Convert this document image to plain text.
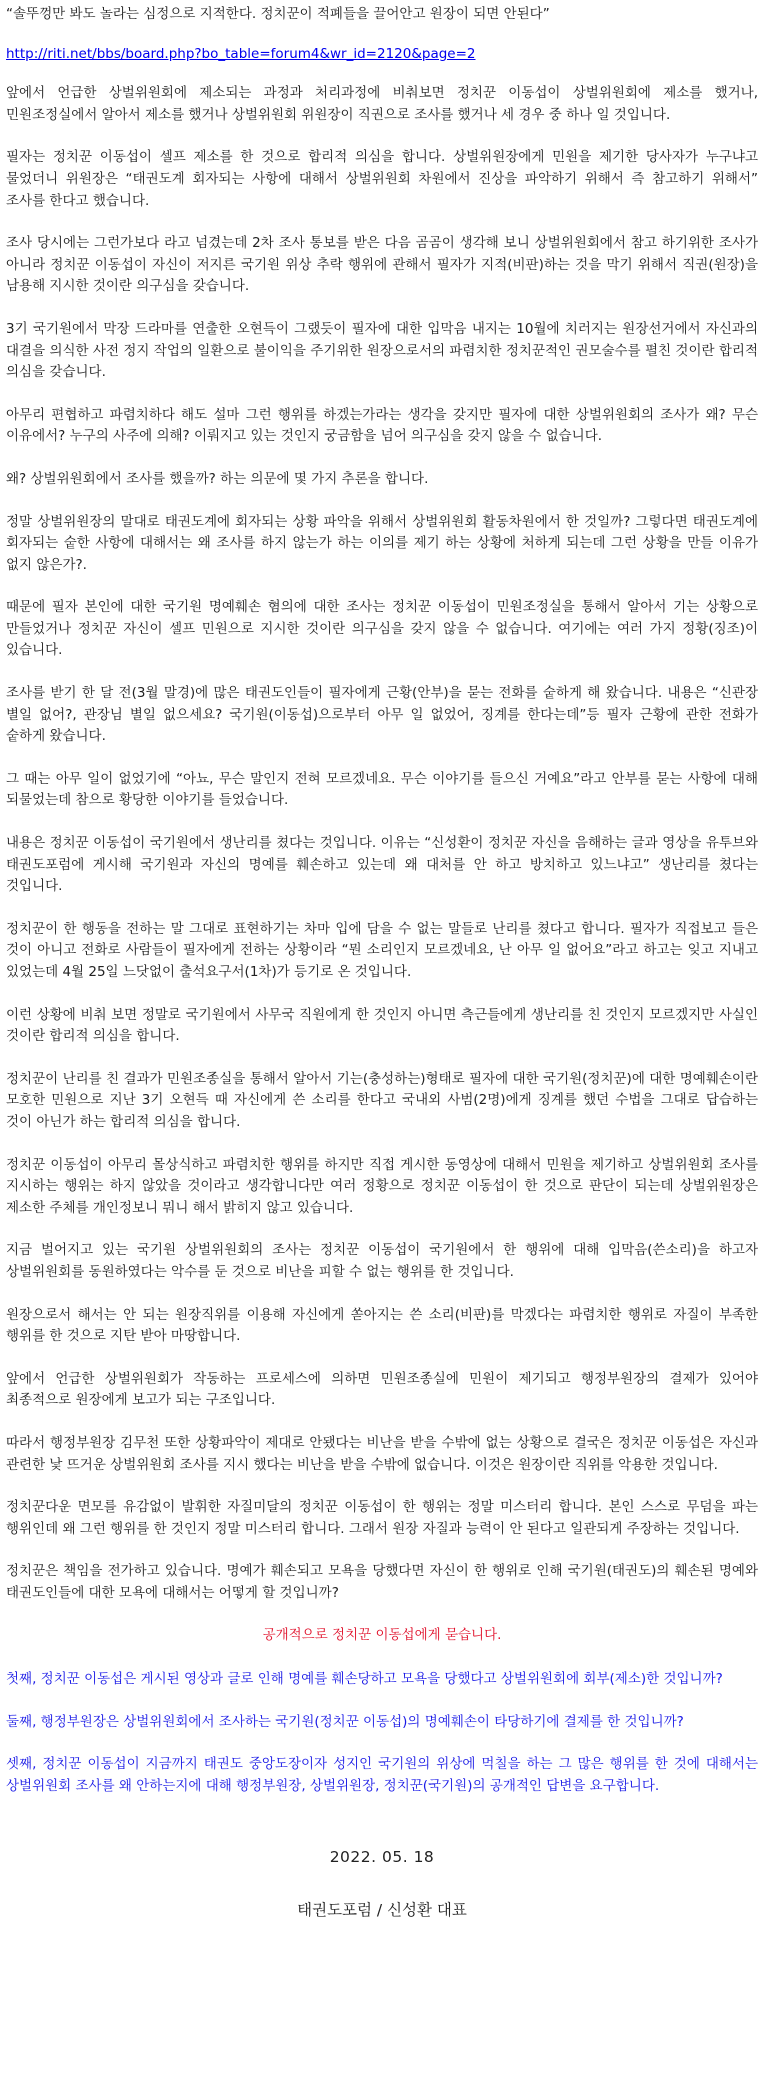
“솔뚜껑만 봐도 놀라는 심정으로 지적한다. 정치꾼이 적폐들을 끌어안고 원장이 되면 안된다”
http://riti.net/bbs/board.php?bo_table=forum4&wr_id=2120&page=2
앞에서 언급한 상벌위원회에 제소되는 과정과 처리과정에 비춰보면 정치꾼 이동섭이 상벌위원회에 제소를 했거나, 민원조정실에서 알아서 제소를 했거나 상벌위원회 위원장이 직권으로 조사를 했거나 세 경우 중 하나 일 것입니다.
필자는 정치꾼 이동섭이 셀프 제소를 한 것으로 합리적 의심을 합니다. 상벌위원장에게 민원을 제기한 당사자가 누구냐고 물었더니 위원장은 “태권도계 회자되는 사항에 대해서 상벌위원회 차원에서 진상을 파악하기 위해서 즉 참고하기 위해서” 조사를 한다고 했습니다.
조사 당시에는 그런가보다 라고 넘겼는데 2차 조사 통보를 받은 다음 곰곰이 생각해 보니 상벌위원회에서 참고 하기위한 조사가 아니라 정치꾼 이동섭이 자신이 저지른 국기원 위상 추락 행위에 관해서 필자가 지적(비판)하는 것을 막기 위해서 직권(원장)을 남용해 지시한 것이란 의구심을 갖습니다.
3기 국기원에서 막장 드라마를 연출한 오현득이 그랬듯이 필자에 대한 입막음 내지는 10월에 치러지는 원장선거에서 자신과의 대결을 의식한 사전 정지 작업의 일환으로 불이익을 주기위한 원장으로서의 파렴치한 정치꾼적인 권모술수를 펼친 것이란 합리적 의심을 갖습니다.
아무리 편협하고 파렴치하다 해도 설마 그런 행위를 하겠는가라는 생각을 갖지만 필자에 대한 상벌위원회의 조사가 왜? 무슨 이유에서? 누구의 사주에 의해? 이뤄지고 있는 것인지 궁금함을 넘어 의구심을 갖지 않을 수 없습니다.
왜? 상벌위원회에서 조사를 했을까? 하는 의문에 몇 가지 추론을 합니다.
정말 상벌위원장의 말대로 태권도계에 회자되는 상황 파악을 위해서 상벌위원회 활동차원에서 한 것일까? 그렇다면 태권도계에 회자되는 숱한 사항에 대해서는 왜 조사를 하지 않는가 하는 이의를 제기 하는 상황에 처하게 되는데 그런 상황을 만들 이유가 없지 않은가?.
때문에 필자 본인에 대한 국기원 명예훼손 혐의에 대한 조사는 정치꾼 이동섭이 민원조정실을 통해서 알아서 기는 상황으로 만들었거나 정치꾼 자신이 셀프 민원으로 지시한 것이란 의구심을 갖지 않을 수 없습니다. 여기에는 여러 가지 정황(징조)이 있습니다.
조사를 받기 한 달 전(3월 말경)에 많은 태권도인들이 필자에게 근황(안부)을 묻는 전화를 숱하게 해 왔습니다. 내용은 “신관장 별일 없어?, 관장님 별일 없으세요? 국기원(이동섭)으로부터 아무 일 없었어, 징계를 한다는데”등 필자 근황에 관한 전화가 숱하게 왔습니다.
그 때는 아무 일이 없었기에 “아뇨, 무슨 말인지 전혀 모르겠네요. 무슨 이야기를 들으신 거예요”라고 안부를 묻는 사항에 대해 되물었는데 참으로 황당한 이야기를 들었습니다.
내용은 정치꾼 이동섭이 국기원에서 생난리를 쳤다는 것입니다. 이유는 “신성환이 정치꾼 자신을 음해하는 글과 영상을 유투브와 태권도포럼에 게시해 국기원과 자신의 명예를 훼손하고 있는데 왜 대처를 안 하고 방치하고 있느냐고” 생난리를 쳤다는 것입니다.
정치꾼이 한 행동을 전하는 말 그대로 표현하기는 차마 입에 담을 수 없는 말들로 난리를 쳤다고 합니다. 필자가 직접보고 들은 것이 아니고 전화로 사람들이 필자에게 전하는 상황이라 “뭔 소리인지 모르겠네요, 난 아무 일 없어요”라고 하고는 잊고 지내고 있었는데 4월 25일 느닷없이 출석요구서(1차)가 등기로 온 것입니다.
이런 상황에 비춰 보면 정말로 국기원에서 사무국 직원에게 한 것인지 아니면 측근들에게 생난리를 친 것인지 모르겠지만 사실인 것이란 합리적 의심을 합니다.
정치꾼이 난리를 친 결과가 민원조종실을 통해서 알아서 기는(충성하는)형태로 필자에 대한 국기원(정치꾼)에 대한 명예훼손이란 모호한 민원으로 지난 3기 오현득 때 자신에게 쓴 소리를 한다고 국내외 사범(2명)에게 징계를 했던 수법을 그대로 답습하는 것이 아닌가 하는 합리적 의심을 합니다.
정치꾼 이동섭이 아무리 몰상식하고 파렴치한 행위를 하지만 직접 게시한 동영상에 대해서 민원을 제기하고 상벌위원회 조사를 지시하는 행위는 하지 않았을 것이라고 생각합니다만 여러 정황으로 정치꾼 이동섭이 한 것으로 판단이 되는데 상벌위원장은 제소한 주체를 개인정보니 뭐니 해서 밝히지 않고 있습니다.
지금 벌어지고 있는 국기원 상벌위원회의 조사는 정치꾼 이동섭이 국기원에서 한 행위에 대해 입막음(쓴소리)을 하고자 상벌위원회를 동원하였다는 악수를 둔 것으로 비난을 피할 수 없는 행위를 한 것입니다.
원장으로서 해서는 안 되는 원장직위를 이용해 자신에게 쏟아지는 쓴 소리(비판)를 막겠다는 파렴치한 행위로 자질이 부족한 행위를 한 것으로 지탄 받아 마땅합니다.
앞에서 언급한 상벌위원회가 작동하는 프로세스에 의하면 민원조종실에 민원이 제기되고 행정부원장의 결제가 있어야 최종적으로 원장에게 보고가 되는 구조입니다.
따라서 행정부원장 김무천 또한 상황파악이 제대로 안됐다는 비난을 받을 수밖에 없는 상황으로 결국은 정치꾼 이동섭은 자신과 관련한 낯 뜨거운 상벌위원회 조사를 지시 했다는 비난을 받을 수밖에 없습니다. 이것은 원장이란 직위를 악용한 것입니다.
정치꾼다운 면모를 유감없이 발휘한 자질미달의 정치꾼 이동섭이 한 행위는 정말 미스터리 합니다. 본인 스스로 무덤을 파는 행위인데 왜 그런 행위를 한 것인지 정말 미스터리 합니다. 그래서 원장 자질과 능력이 안 된다고 일관되게 주장하는 것입니다.
정치꾼은 책임을 전가하고 있습니다. 명예가 훼손되고 모욕을 당했다면 자신이 한 행위로 인해 국기원(태권도)의 훼손된 명예와 태권도인들에 대한 모욕에 대해서는 어떻게 할 것입니까?
공개적으로 정치꾼 이동섭에게 묻습니다.
첫째, 정치꾼 이동섭은 게시된 영상과 글로 인해 명예를 훼손당하고 모욕을 당했다고 상벌위원회에 회부(제소)한 것입니까?
둘째, 행정부원장은 상벌위원회에서 조사하는 국기원(정치꾼 이동섭)의 명예훼손이 타당하기에 결제를 한 것입니까?
셋째, 정치꾼 이동섭이 지금까지 태권도 중앙도장이자 성지인 국기원의 위상에 먹칠을 하는 그 많은 행위를 한 것에 대해서는 상벌위원회 조사를 왜 안하는지에 대해 행정부원장, 상벌위원장, 정치꾼(국기원)의 공개적인 답변을 요구합니다.
2022. 05. 18
태권도포럼 / 신성환 대표
